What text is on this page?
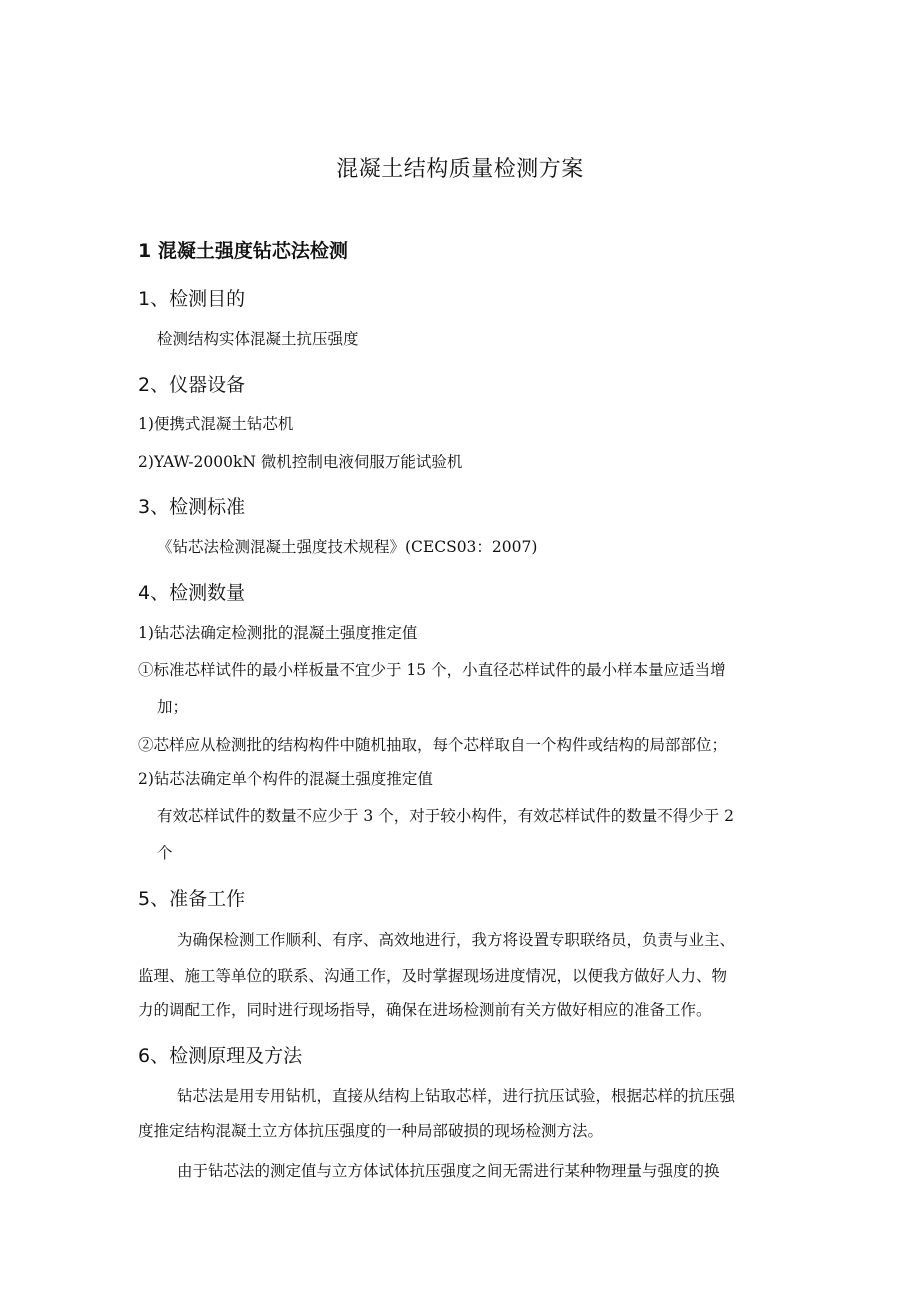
混凝土结构质量检测方案
1 混凝土强度钻芯法检测
1、检测目的
检测结构实体混凝土抗压强度
2、仪器设备
1)便携式混凝土钻芯机
2)YAW-2000kN 微机控制电液伺服万能试验机
3、检测标准
《钻芯法检测混凝土强度技术规程》(CECS03：2007)
4、检测数量
1)钻芯法确定检测批的混凝土强度推定值
①标准芯样试件的最小样板量不宜少于 15 个，小直径芯样试件的最小样本量应适当增
加；
②芯样应从检测批的结构构件中随机抽取，每个芯样取自一个构件或结构的局部部位；
2)钻芯法确定单个构件的混凝土强度推定值
有效芯样试件的数量不应少于 3 个，对于较小构件，有效芯样试件的数量不得少于 2
个
5、准备工作
为确保检测工作顺利、有序、高效地进行，我方将设置专职联络员，负责与业主、
监理、施工等单位的联系、沟通工作，及时掌握现场进度情况，以便我方做好人力、物
力的调配工作，同时进行现场指导，确保在进场检测前有关方做好相应的准备工作。
6、检测原理及方法
钻芯法是用专用钻机，直接从结构上钻取芯样，进行抗压试验，根据芯样的抗压强
度推定结构混凝土立方体抗压强度的一种局部破损的现场检测方法。
由于钻芯法的测定值与立方体试体抗压强度之间无需进行某种物理量与强度的换
